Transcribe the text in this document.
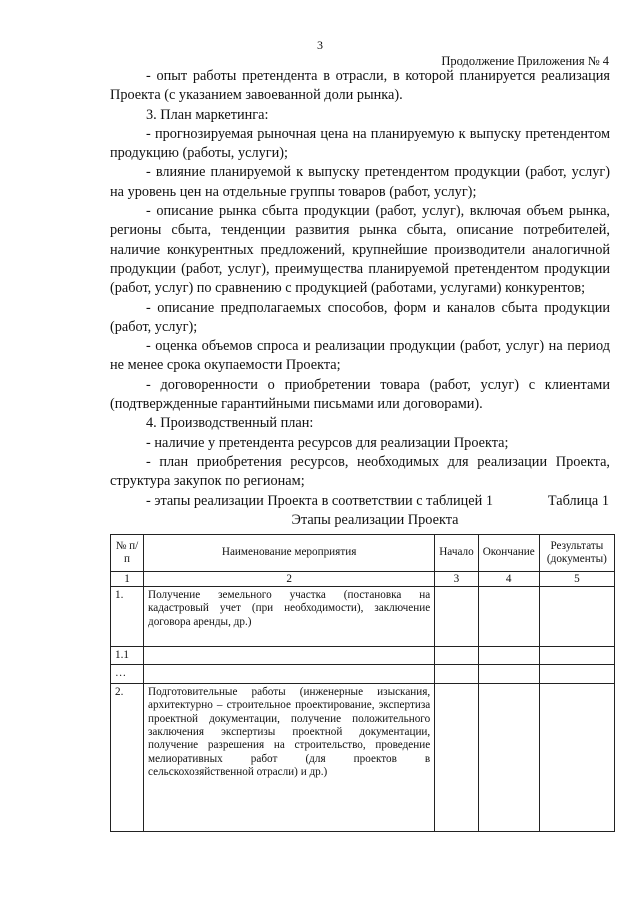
3
Продолжение Приложения № 4

- опыт работы претендента в отрасли, в которой планируется реализация Проекта (с указанием завоеванной доли рынка).

3. План маркетинга:

- прогнозируемая рыночная цена на планируемую к выпуску претендентом продукцию (работы, услуги);

- влияние планируемой к выпуску претендентом продукции (работ, услуг) на уровень цен на отдельные группы товаров (работ, услуг);

- описание рынка сбыта продукции (работ, услуг), включая объем рынка, регионы сбыта, тенденции развития рынка сбыта, описание потребителей, наличие конкурентных предложений, крупнейшие производители аналогичной продукции (работ, услуг), преимущества планируемой претендентом продукции (работ, услуг) по сравнению с продукцией (работами, услугами) конкурентов;

- описание предполагаемых способов, форм и каналов сбыта продукции (работ, услуг);

- оценка объемов спроса и реализации продукции (работ, услуг) на период не менее срока окупаемости Проекта;

- договоренности о приобретении товара (работ, услуг) с клиентами (подтвержденные гарантийными письмами или договорами).

4. Производственный план:

- наличие у претендента ресурсов для реализации Проекта;

- план приобретения ресурсов, необходимых для реализации Проекта, структура закупок по регионам;

- этапы реализации Проекта в соответствии с таблицей 1	Таблица 1
Этапы реализации Проекта
№ п/п	Наименование мероприятия	Начало	Окончание	Результаты (документы)
1	2	3	4	5
1.	Получение земельного участка (постановка на кадастровый учет (при необходимости), заключение договора аренды, др.)			
1.1				
…				
2.	Подготовительные работы (инженерные изыскания, архитектурно – строительное проектирование, экспертиза проектной документации, получение положительного заключения экспертизы проектной документации, получение разрешения на строительство, проведение мелиоративных работ (для проектов в сельскохозяйственной отрасли) и др.)			
